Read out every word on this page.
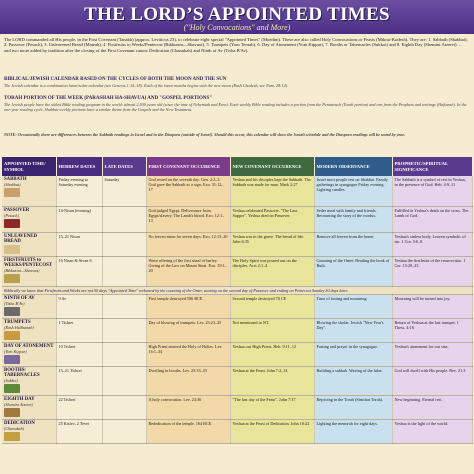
THE LORD’S APPOINTED TIMES
("Holy Convocations" and More)
The LORD commanded all His people, in the First Covenant (Tanakh) (approx. Leviticus 23), to celebrate eight special "Appointed Times" (Moedim). These are also called Holy Convocations or Feasts (Mikrai-Kodesh). They are: 1. Sabbath (Shabbat), 2. Passover (Pesach), 3. Unleavened Bread (Matzah), 4. Firstfruits to Weeks/Pentecost (Bikkurim—Shavuot), 5. Trumpets (Yom Teruah), 6. Day of Atonement (Yom Kippur), 7. Booths or Tabernacles (Sukkot) and 8. Eighth Day (Shemini Atzeret). ... and two more added by tradition after the closing of the First Covenant canon: Dedication (Chanukah) and Ninth of Av (Tisha B'Av).
BIBLICAL/JEWISH CALENDAR BASED ON THE CYCLES OF BOTH THE MOON AND THE SUN
The Jewish calendar is a combination lunar/solar calendar (see Genesis 1:14–18). Each of the lunar months begins with the new moon (Rosh Chodesh, see Num. 28:14).
TORAH PORTION OF THE WEEK (PARASHAH HA-SHAVUA) AND "GOSPEL PORTIONS"
The Jewish people have the oldest Bible reading program in the world: almost 2,500 years old (since the time of Nehemiah and Ezra). Each weekly Bible reading includes a portion from the Pentateuch (Torah portion) and one from the Prophets and writings (Haftarah). In the one-year reading cycle, Shabbat weekly portions have a similar theme from the Gospels and the New Testament.
NOTE: Occasionally there are differences between the Sabbath readings in Israel and in the Diaspora (outside of Israel). Should this occur, this calendar will show the Israeli schedule and the Diaspora readings will be noted by year.
APPOINTED TIME/ SYMBOL	HEBREW DATES	LATE DATES	FIRST COVENANT OCCURENCE	NEW COVENANT OCCURENCE	MODERN OBSERVANCE	PROPHETIC/SPIRITUAL SIGNIFICANCE

SABBATH
(Shabbat)	Friday evening to Saturday evening	Saturday	God rested on the seventh day. Gen. 2:2–3. God gave the Sabbath as a sign. Exo. 31:12–17	Yeshua and his disciples kept the Sabbath. The Sabbath was made for man. Mark 2:27	Israel most people rest on Shabbat. Family gatherings in synagogue Friday evening. Lighting candles.	The Sabbath is a symbol of rest in Yeshua, in the presence of God. Heb. 4:9–11

PASSOVER
(Pesach)	14-Nisan (evening)		God judged Egypt. Deliverance from Egypt/slavery. The Lamb's blood. Exo. 12:1–13	Yeshua celebrated Passover. "The Last Supper". Yeshua died on Passover.	Seder meal with family and friends. Recounting the story of the exodus.	Fulfilled in Yeshua's death on the cross. The Lamb of God.

UNLEAVENED BREAD	15–21 Nisan		No leaven eaten for seven days. Exo. 12:15–20	Yeshua was in the grave. The bread of life. John 6:35	Remove all leaven from the home.	Yeshua's sinless body. Leaven symbolic of sin. 1 Cor. 5:6–8

FIRSTFRUITS to WEEKS/PENTECOST
(Bikkurim—Shavuot)	16 Nisan & Sivan 6		Wave offering of the first sheaf of barley. Giving of the Law on Mount Sinai. Exo. 19:1–20	The Holy Spirit was poured out on the disciples. Acts 2:1–4	Counting of the Omer. Reading the book of Ruth.	Yeshua the firstfruits of the resurrection. 1 Cor. 15:20–23
Biblically we know that Firstfruits and Weeks are not 50 days "Appointed Time" reckoned by the counting of the Omer, starting on the second day of Passover and ending on Pentecost Sunday 50 days later.						

NINTH OF AV
(Tisha B'Av)	9 Av		First temple destroyed 586 BCE	Second temple destroyed 70 CE	Time of fasting and mourning	Mourning will be turned into joy.

TRUMPETS
(Rosh HaShanah)	1 Tishrei		Day of blowing of trumpets. Lev. 23:23–25	Not mentioned in NT.	Blowing the shofar. Jewish "New Year's Day".	Return of Yeshua at the last trumpet. 1 Thess. 4:16

DAY OF ATONEMENT
(Yom Kippur)	10 Tishrei		High Priest entered the Holy of Holies. Lev. 16:1–34	Yeshua our High Priest. Heb. 9:11–12	Fasting and prayer in the synagogue.	Yeshua's atonement for our sins.

BOOTHS/ TABERNACLES
(Sukkot)	15–21 Tishrei		Dwelling in booths. Lev. 23:33–43	Yeshua at the Feast. John 7:2–14	Building a sukkah. Waving of the lulav.	God will dwell with His people. Rev. 21:3

EIGHTH DAY
(Shemini Atzeret)	22 Tishrei		A holy convocation. Lev. 23:36	"The last day of the Feast". John 7:37	Rejoicing in the Torah (Simchat Torah).	New beginning. Eternal rest.

DEDICATION
(Chanukah)	25 Kislev–2 Tevet		Rededication of the temple. 164 BCE	Yeshua at the Feast of Dedication. John 10:22	Lighting the menorah for eight days.	Yeshua is the light of the world.
